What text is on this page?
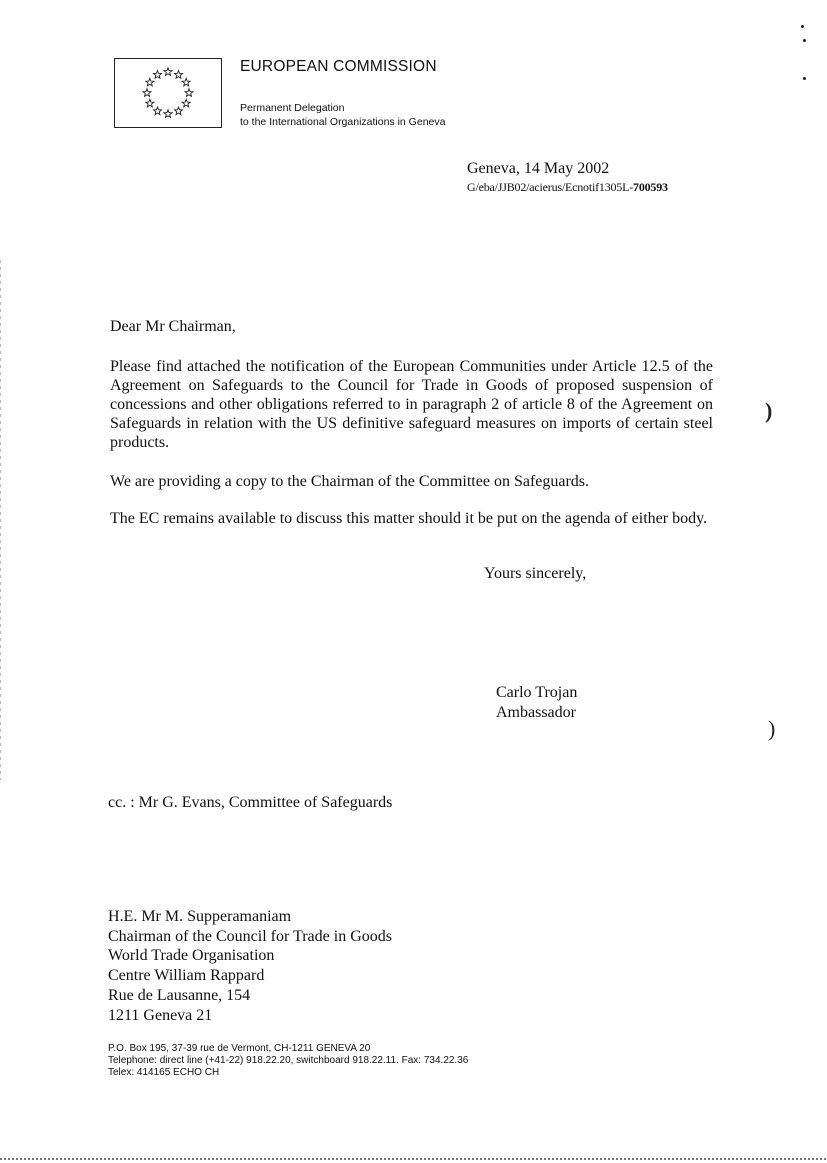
EUROPEAN COMMISSION
Permanent Delegation
to the International Organizations in Geneva
Geneva, 14 May 2002
G/eba/JJB02/acierus/Ecnotif1305L-700593
Dear Mr Chairman,
Please find attached the notification of the European Communities under Article 12.5 of the Agreement on Safeguards to the Council for Trade in Goods of proposed suspension of concessions and other obligations referred to in paragraph 2 of article 8 of the Agreement on Safeguards in relation with the US definitive safeguard measures on imports of certain steel products.
We are providing a copy to the Chairman of the Committee on Safeguards.
The EC remains available to discuss this matter should it be put on the agenda of either body.
Yours sincerely,
Carlo Trojan
Ambassador
cc. : Mr G. Evans, Committee of Safeguards
H.E. Mr M. Supperamaniam
Chairman of the Council for Trade in Goods
World Trade Organisation
Centre William Rappard
Rue de Lausanne, 154
1211 Geneva 21
P.O. Box 195, 37-39 rue de Vermont, CH-1211 GENEVA 20
Telephone: direct line (+41-22) 918.22.20, switchboard 918.22.11. Fax: 734.22.36
Telex: 414165 ECHO CH
)
)
